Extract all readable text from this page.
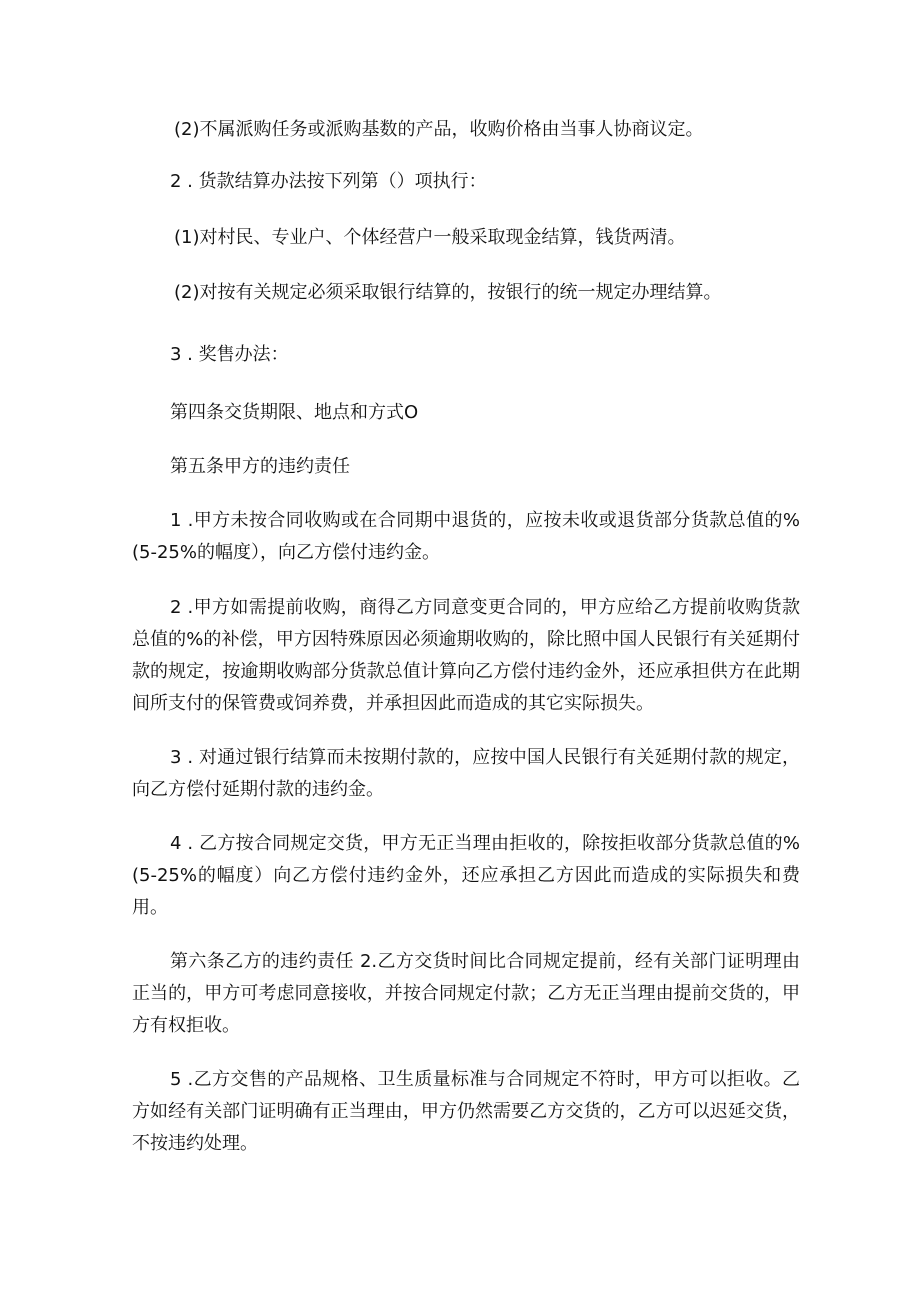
(2)不属派购任务或派购基数的产品，收购价格由当事人协商议定。

2 . 货款结算办法按下列第（）项执行：

(1)对村民、专业户、个体经营户一般采取现金结算，钱货两清。

(2)对按有关规定必须采取银行结算的，按银行的统一规定办理结算。

3 . 奖售办法：

第四条交货期限、地点和方式O

第五条甲方的违约责任

1 .甲方未按合同收购或在合同期中退货的，应按未收或退货部分货款总值的%(5-25%的幅度），向乙方偿付违约金。

2 .甲方如需提前收购，商得乙方同意变更合同的，甲方应给乙方提前收购货款总值的%的补偿，甲方因特殊原因必须逾期收购的，除比照中国人民银行有关延期付款的规定，按逾期收购部分货款总值计算向乙方偿付违约金外，还应承担供方在此期间所支付的保管费或饲养费，并承担因此而造成的其它实际损失。

3 . 对通过银行结算而未按期付款的，应按中国人民银行有关延期付款的规定，向乙方偿付延期付款的违约金。

4 . 乙方按合同规定交货，甲方无正当理由拒收的，除按拒收部分货款总值的%(5-25%的幅度）向乙方偿付违约金外，还应承担乙方因此而造成的实际损失和费用。

第六条乙方的违约责任 2.乙方交货时间比合同规定提前，经有关部门证明理由正当的，甲方可考虑同意接收，并按合同规定付款；乙方无正当理由提前交货的，甲方有权拒收。

5 .乙方交售的产品规格、卫生质量标准与合同规定不符时，甲方可以拒收。乙方如经有关部门证明确有正当理由，甲方仍然需要乙方交货的，乙方可以迟延交货，不按违约处理。
